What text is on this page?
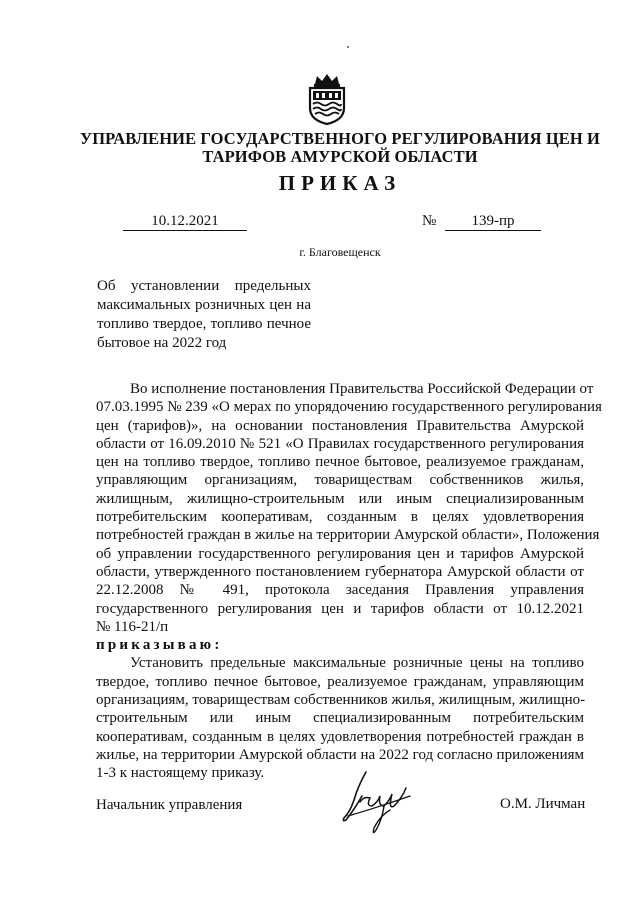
УПРАВЛЕНИЕ ГОСУДАРСТВЕННОГО РЕГУЛИРОВАНИЯ ЦЕН И
ТАРИФОВ АМУРСКОЙ ОБЛАСТИ
ПРИКАЗ
10.12.2021	№	139-пр
г. Благовещенск
Об установлении предельных
максимальных розничных цен на
топливо твердое, топливо печное
бытовое на 2022 год
Во исполнение постановления Правительства Российской Федерации от
07.03.1995 № 239 «О мерах по упорядочению государственного регулирования
цен (тарифов)», на основании постановления Правительства Амурской
области от 16.09.2010 № 521 «О Правилах государственного регулирования
цен на топливо твердое, топливо печное бытовое, реализуемое гражданам,
управляющим организациям, товариществам собственников жилья,
жилищным, жилищно-строительным или иным специализированным
потребительским кооперативам, созданным в целях удовлетворения
потребностей граждан в жилье на территории Амурской области», Положения
об управлении государственного регулирования цен и тарифов Амурской
области, утвержденного постановлением губернатора Амурской области от
22.12.2008 № 491, протокола заседания Правления управления
государственного регулирования цен и тарифов области от 10.12.2021
№ 116-21/п
приказываю:
Установить предельные максимальные розничные цены на топливо
твердое, топливо печное бытовое, реализуемое гражданам, управляющим
организациям, товариществам собственников жилья, жилищным, жилищно-
строительным или иным специализированным потребительским
кооперативам, созданным в целях удовлетворения потребностей граждан в
жилье, на территории Амурской области на 2022 год согласно приложениям
1-3 к настоящему приказу.
Начальник управления	О.М. Личман
